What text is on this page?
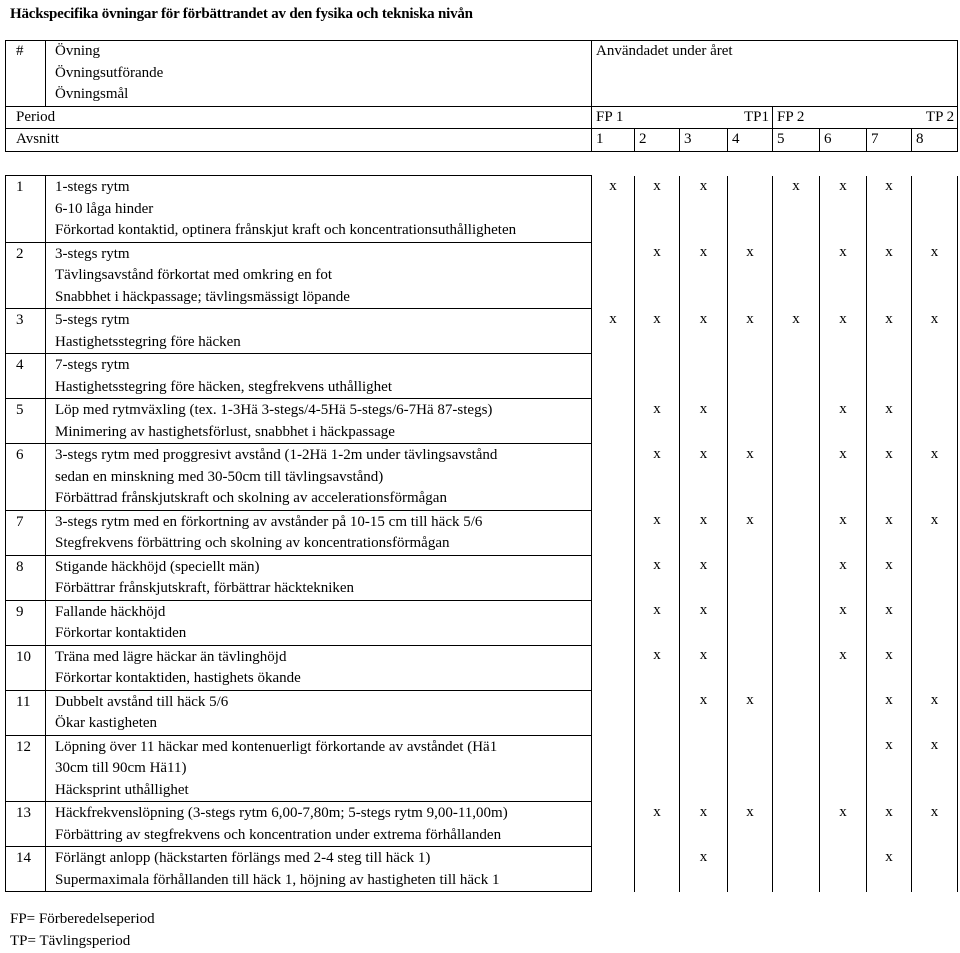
Häckspecifika övningar för förbättrandet av den fysika och tekniska nivån
#	Övning
Övningsutförande
Övningsmål	Användadet under året							
Period		FP 1			TP1	FP 2			TP 2
Avsnitt		1	2	3	4	5	6	7	8
1	1-stegs rytm
6-10 låga hinder
Förkortad kontaktid, optinera frånskjut kraft och koncentrationsuthålligheten	x	x	x		x	x	x	
2	3-stegs rytm
Tävlingsavstånd förkortat med omkring en fot
Snabbhet i häckpassage; tävlingsmässigt löpande		x	x	x		x	x	x
3	5-stegs rytm
Hastighetsstegring före häcken	x	x	x	x	x	x	x	x
4	7-stegs rytm
Hastighetsstegring före häcken, stegfrekvens uthållighet								

5	Löp med rytmväxling (tex. 1-3Hä 3-stegs/4-5Hä 5-stegs/6-7Hä 87-stegs)
Minimering av hastighetsförlust, snabbhet i häckpassage		x	x			x	x	
6	3-stegs rytm med proggresivt avstånd (1-2Hä 1-2m under tävlingsavstånd
sedan en minskning med 30-50cm till tävlingsavstånd)
Förbättrad frånskjutskraft och skolning av accelerationsförmågan		x	x	x		x	x	x
7	3-stegs rytm med en förkortning av avstånder på 10-15 cm till häck 5/6
Stegfrekvens förbättring och skolning av koncentrationsförmågan		x	x	x		x	x	x
8	Stigande häckhöjd (speciellt män)
Förbättrar frånskjutskraft, förbättrar häcktekniken		x	x			x	x	
9	Fallande häckhöjd
Förkortar kontaktiden		x	x			x	x	
10	Träna med lägre häckar än tävlinghöjd
Förkortar kontaktiden, hastighets ökande		x	x			x	x	
11	Dubbelt avstånd till häck 5/6
Ökar kastigheten			x	x			x	x
12	Löpning över 11 häckar med kontenuerligt förkortande av avståndet (Hä1
30cm till 90cm Hä11)
Häcksprint uthållighet							x	x
13	Häckfrekvenslöpning (3-stegs rytm 6,00-7,80m; 5-stegs rytm 9,00-11,00m)
Förbättring av stegfrekvens och koncentration under extrema förhållanden		x	x	x		x	x	x
14	Förlängt anlopp (häckstarten förlängs med 2-4 steg till häck 1)
Supermaximala förhållanden till häck 1, höjning av hastigheten till häck 1			x				x	
FP= Förberedelseperiod
TP= Tävlingsperiod
